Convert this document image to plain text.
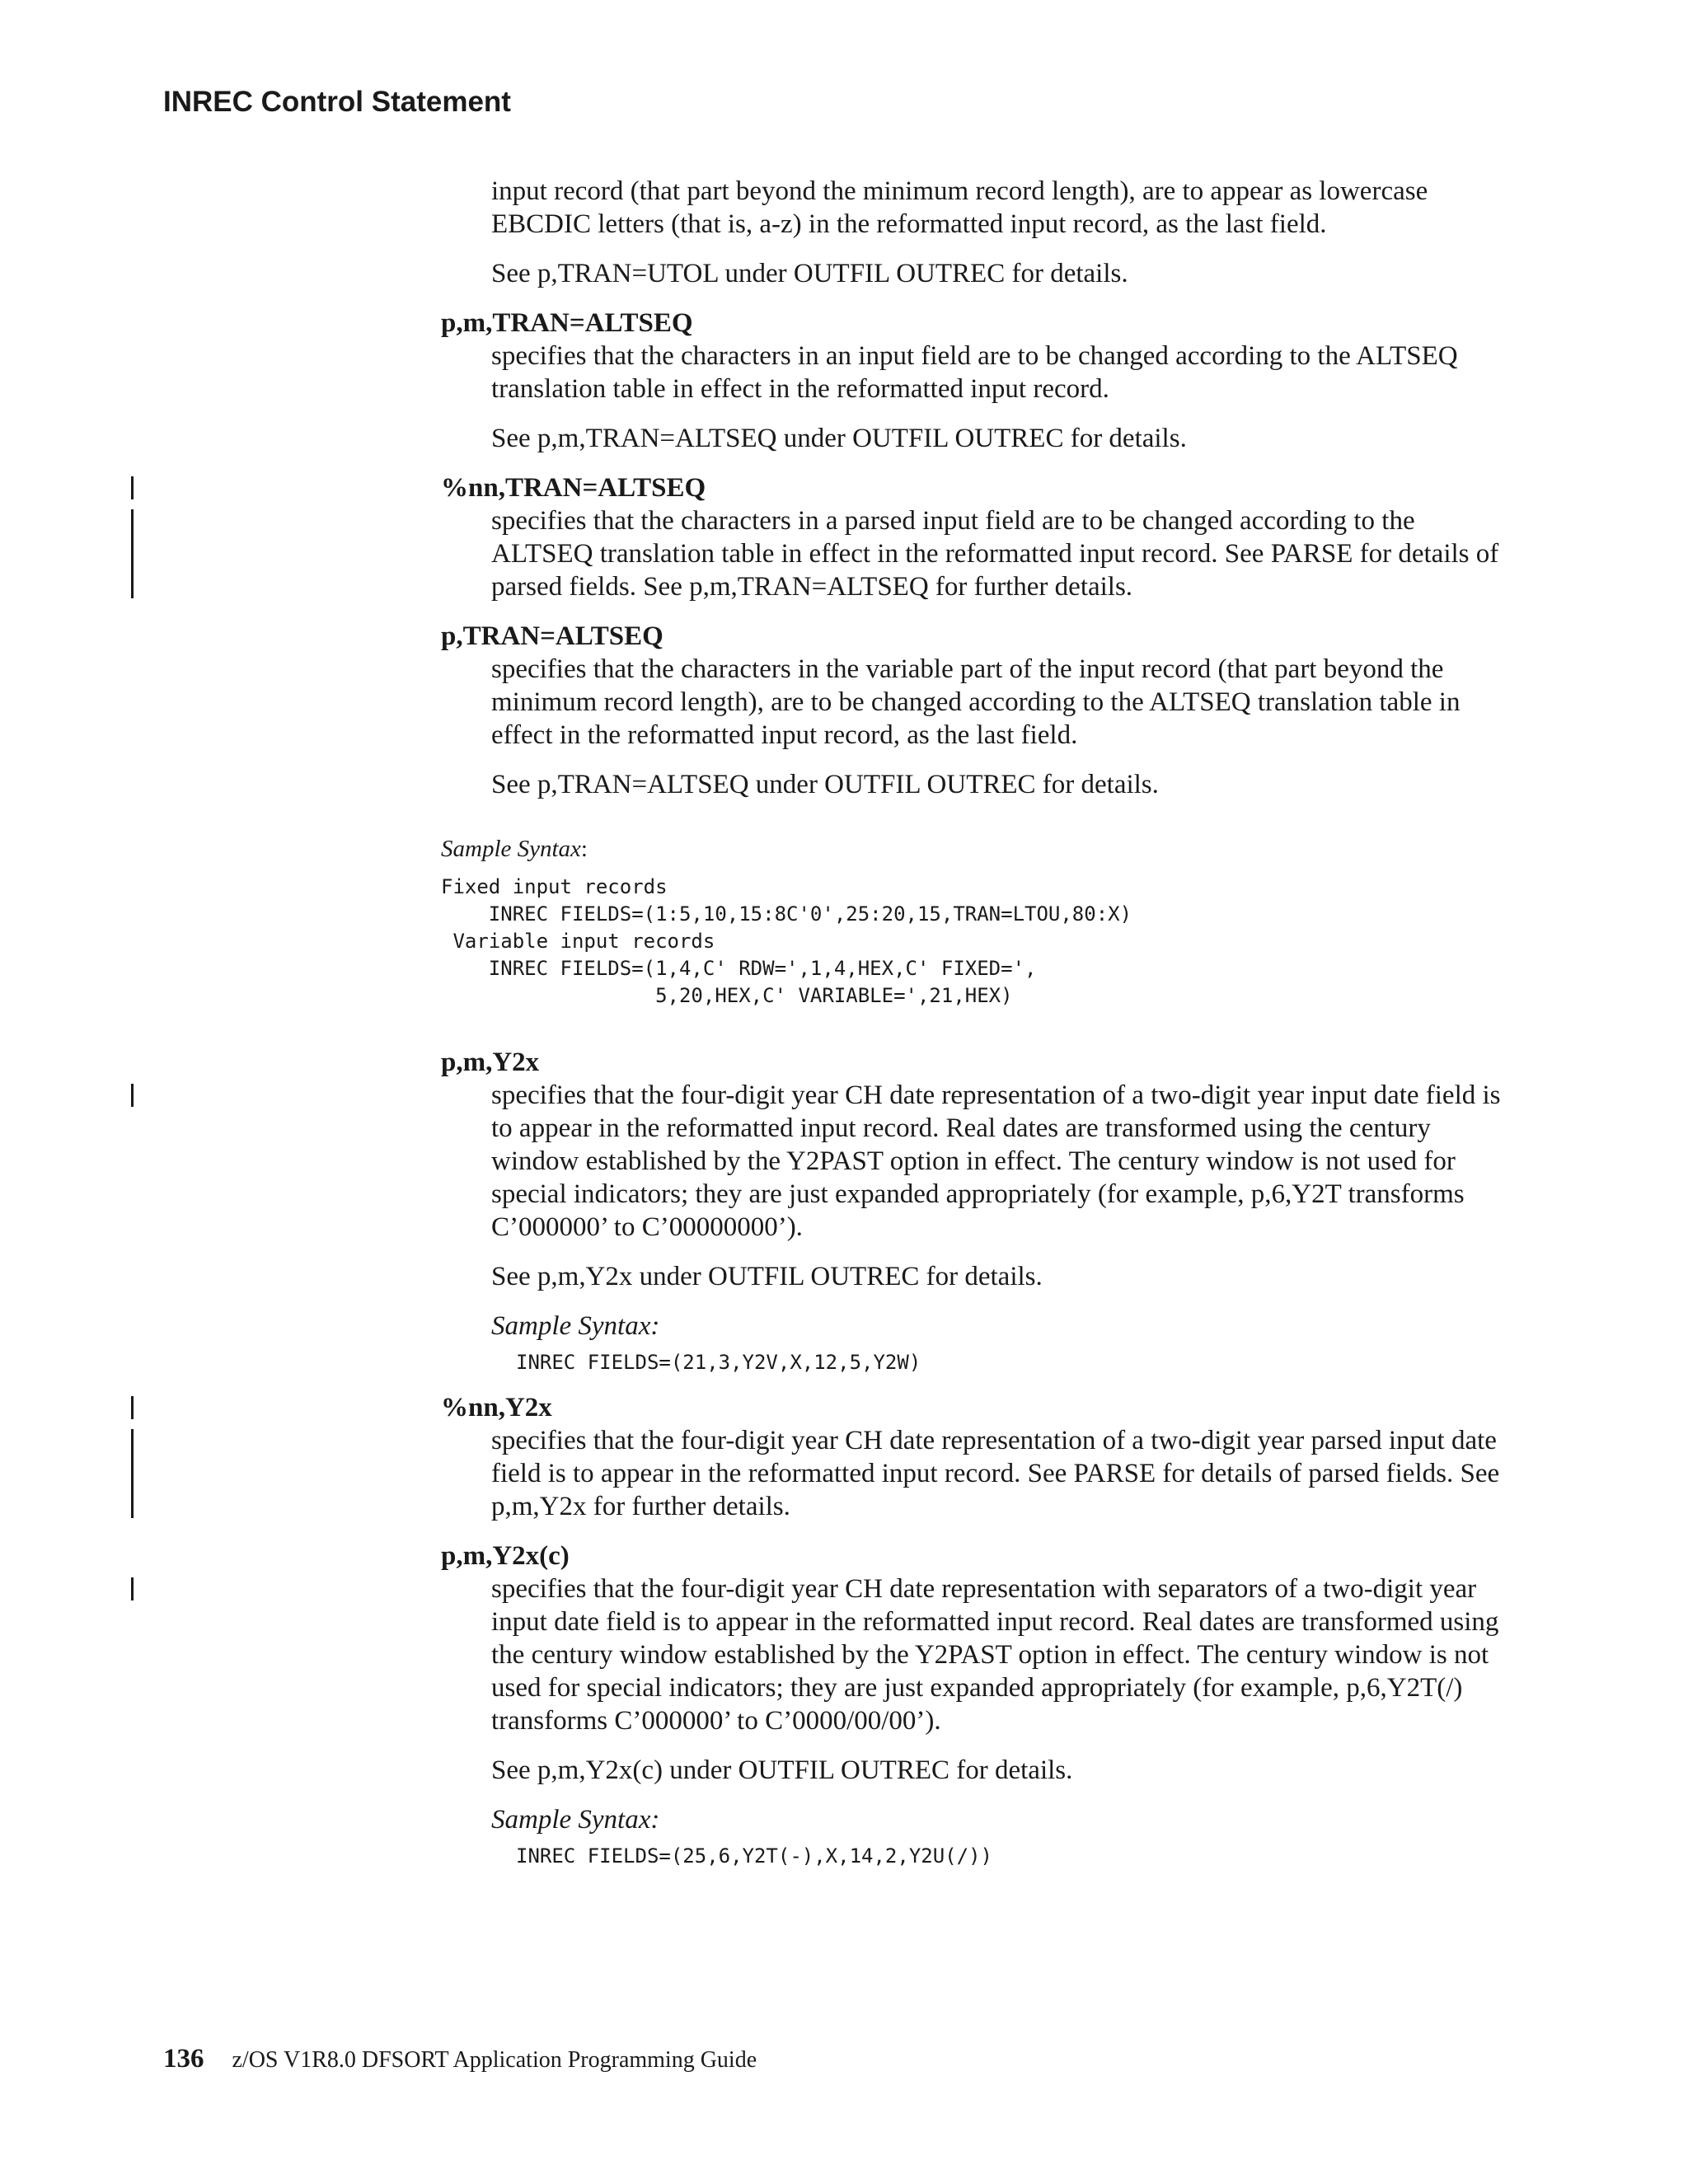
INREC Control Statement

input record (that part beyond the minimum record length), are to appear as lowercase EBCDIC letters (that is, a-z) in the reformatted input record, as the last field.

See p,TRAN=UTOL under OUTFIL OUTREC for details.

p,m,TRAN=ALTSEQ

specifies that the characters in an input field are to be changed according to the ALTSEQ translation table in effect in the reformatted input record.

See p,m,TRAN=ALTSEQ under OUTFIL OUTREC for details.

%nn,TRAN=ALTSEQ

specifies that the characters in a parsed input field are to be changed according to the ALTSEQ translation table in effect in the reformatted input record. See PARSE for details of parsed fields. See p,m,TRAN=ALTSEQ for further details.

p,TRAN=ALTSEQ

specifies that the characters in the variable part of the input record (that part beyond the minimum record length), are to be changed according to the ALTSEQ translation table in effect in the reformatted input record, as the last field.

See p,TRAN=ALTSEQ under OUTFIL OUTREC for details.

Sample Syntax:

Fixed input records
INREC FIELDS=(1:5,10,15:8C'0',25:20,15,TRAN=LTOU,80:X)
Variable input records
INREC FIELDS=(1,4,C' RDW=',1,4,HEX,C' FIXED=',
5,20,HEX,C' VARIABLE=',21,HEX)

p,m,Y2x

specifies that the four-digit year CH date representation of a two-digit year input date field is to appear in the reformatted input record. Real dates are transformed using the century window established by the Y2PAST option in effect. The century window is not used for special indicators; they are just expanded appropriately (for example, p,6,Y2T transforms C’000000’ to C’00000000’).

See p,m,Y2x under OUTFIL OUTREC for details.

Sample Syntax:

INREC FIELDS=(21,3,Y2V,X,12,5,Y2W)

%nn,Y2x

specifies that the four-digit year CH date representation of a two-digit year parsed input date field is to appear in the reformatted input record. See PARSE for details of parsed fields. See p,m,Y2x for further details.

p,m,Y2x(c)

specifies that the four-digit year CH date representation with separators of a two-digit year input date field is to appear in the reformatted input record. Real dates are transformed using the century window established by the Y2PAST option in effect. The century window is not used for special indicators; they are just expanded appropriately (for example, p,6,Y2T(/) transforms C’000000’ to C’0000/00/00’).

See p,m,Y2x(c) under OUTFIL OUTREC for details.

Sample Syntax:

INREC FIELDS=(25,6,Y2T(-),X,14,2,Y2U(/))
136 z/OS V1R8.0 DFSORT Application Programming Guide
